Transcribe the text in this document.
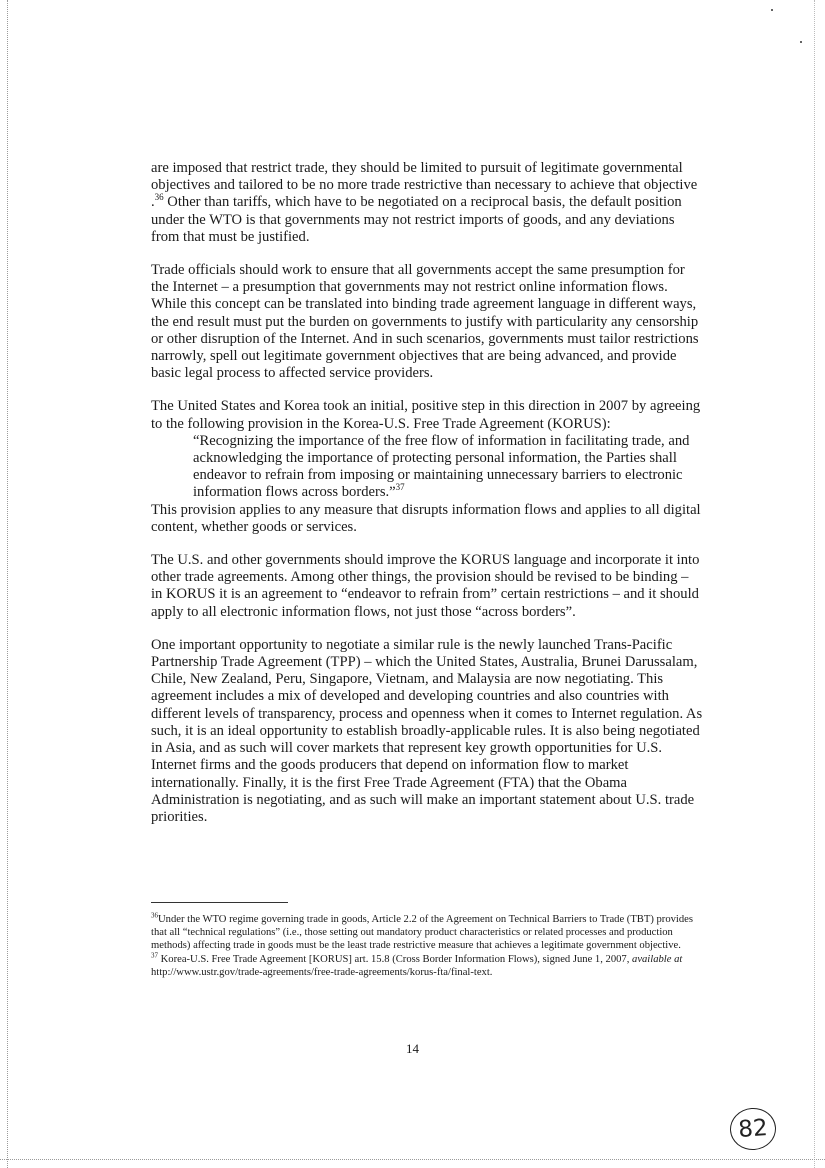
are imposed that restrict trade, they should be limited to pursuit of legitimate governmental objectives and tailored to be no more trade restrictive than necessary to achieve that objective .$^{36}$ Other than tariffs, which have to be negotiated on a reciprocal basis, the default position under the WTO is that governments may not restrict imports of goods, and any deviations from that must be justified.

Trade officials should work to ensure that all governments accept the same presumption for the Internet – a presumption that governments may not restrict online information flows. While this concept can be translated into binding trade agreement language in different ways, the end result must put the burden on governments to justify with particularity any censorship or other disruption of the Internet. And in such scenarios, governments must tailor restrictions narrowly, spell out legitimate government objectives that are being advanced, and provide basic legal process to affected service providers.

The United States and Korea took an initial, positive step in this direction in 2007 by agreeing to the following provision in the Korea-U.S. Free Trade Agreement (KORUS):

“Recognizing the importance of the free flow of information in facilitating trade, and acknowledging the importance of protecting personal information, the Parties shall endeavor to refrain from imposing or maintaining unnecessary barriers to electronic information flows across borders.”$^{37}$

This provision applies to any measure that disrupts information flows and applies to all digital content, whether goods or services.

The U.S. and other governments should improve the KORUS language and incorporate it into other trade agreements. Among other things, the provision should be revised to be binding – in KORUS it is an agreement to “endeavor to refrain from” certain restrictions – and it should apply to all electronic information flows, not just those “across borders”.

One important opportunity to negotiate a similar rule is the newly launched Trans-Pacific Partnership Trade Agreement (TPP) – which the United States, Australia, Brunei Darussalam, Chile, New Zealand, Peru, Singapore, Vietnam, and Malaysia are now negotiating. This agreement includes a mix of developed and developing countries and also countries with different levels of transparency, process and openness when it comes to Internet regulation. As such, it is an ideal opportunity to establish broadly-applicable rules. It is also being negotiated in Asia, and as such will cover markets that represent key growth opportunities for U.S. Internet firms and the goods producers that depend on information flow to market internationally. Finally, it is the first Free Trade Agreement (FTA) that the Obama Administration is negotiating, and as such will make an important statement about U.S. trade priorities.

$^{36}$Under the WTO regime governing trade in goods, Article 2.2 of the Agreement on Technical Barriers to Trade (TBT) provides that all “technical regulations” (i.e., those setting out mandatory product characteristics or related processes and production methods) affecting trade in goods must be the least trade restrictive measure that achieves a legitimate government objective.

$^{37}$ Korea-U.S. Free Trade Agreement [KORUS] art. 15.8 (Cross Border Information Flows), signed June 1, 2007, available at http://www.ustr.gov/trade-agreements/free-trade-agreements/korus-fta/final-text.

14
82
